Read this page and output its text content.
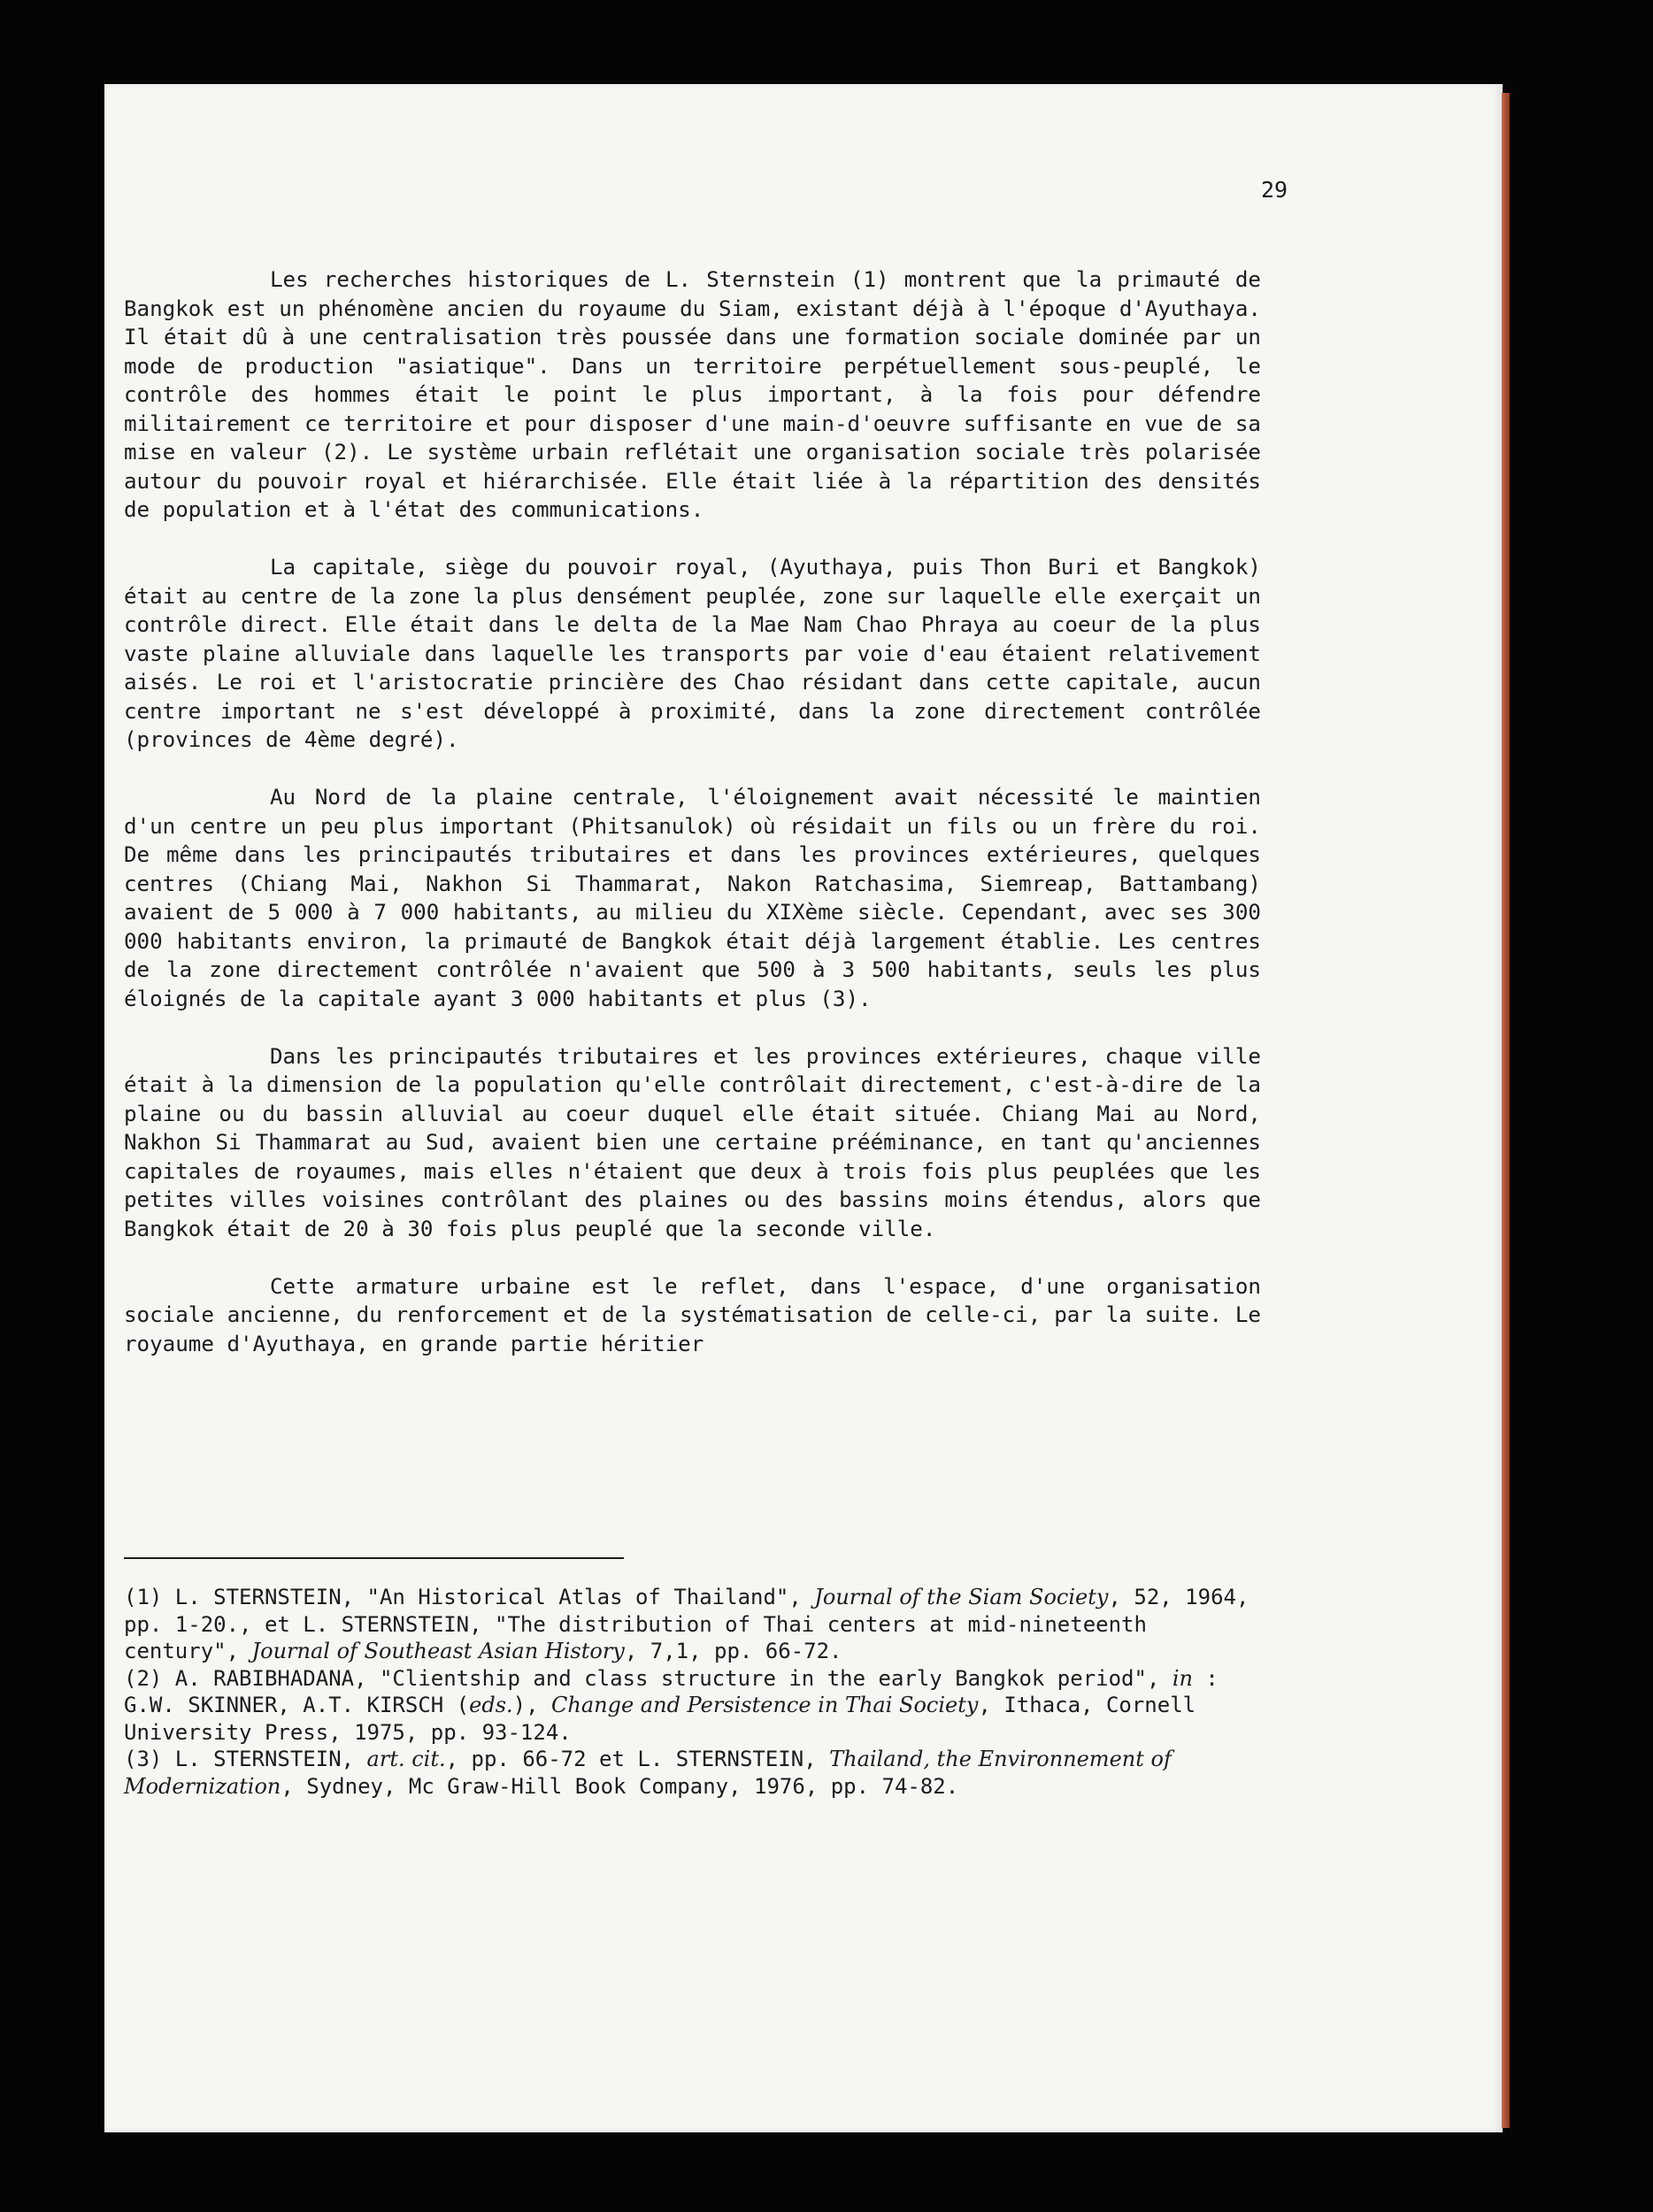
29

Les recherches historiques de L. Sternstein (1) montrent que la primauté de Bangkok est un phénomène ancien du royaume du Siam, existant déjà à l'époque d'Ayuthaya. Il était dû à une centralisation très poussée dans une formation sociale dominée par un mode de production "asiatique". Dans un territoire perpétuellement sous-peuplé, le contrôle des hommes était le point le plus important, à la fois pour défendre militairement ce territoire et pour disposer d'une main-d'oeuvre suffisante en vue de sa mise en valeur (2). Le système urbain reflétait une organisation sociale très polarisée autour du pouvoir royal et hiérarchisée. Elle était liée à la répartition des densités de population et à l'état des communications.

La capitale, siège du pouvoir royal, (Ayuthaya, puis Thon Buri et Bangkok) était au centre de la zone la plus densément peuplée, zone sur laquelle elle exerçait un contrôle direct. Elle était dans le delta de la Mae Nam Chao Phraya au coeur de la plus vaste plaine alluviale dans laquelle les transports par voie d'eau étaient relativement aisés. Le roi et l'aristocratie princière des Chao résidant dans cette capitale, aucun centre important ne s'est développé à proximité, dans la zone directement contrôlée (provinces de 4ème degré).

Au Nord de la plaine centrale, l'éloignement avait nécessité le maintien d'un centre un peu plus important (Phitsanulok) où résidait un fils ou un frère du roi. De même dans les principautés tributaires et dans les provinces extérieures, quelques centres (Chiang Mai, Nakhon Si Thammarat, Nakon Ratchasima, Siemreap, Battambang) avaient de 5 000 à 7 000 habitants, au milieu du XIXème siècle. Cependant, avec ses 300 000 habitants environ, la primauté de Bangkok était déjà largement établie. Les centres de la zone directement contrôlée n'avaient que 500 à 3 500 habitants, seuls les plus éloignés de la capitale ayant 3 000 habitants et plus (3).

Dans les principautés tributaires et les provinces extérieures, chaque ville était à la dimension de la population qu'elle contrôlait directement, c'est-à-dire de la plaine ou du bassin alluvial au coeur duquel elle était située. Chiang Mai au Nord, Nakhon Si Thammarat au Sud, avaient bien une certaine prééminance, en tant qu'anciennes capitales de royaumes, mais elles n'étaient que deux à trois fois plus peuplées que les petites villes voisines contrôlant des plaines ou des bassins moins étendus, alors que Bangkok était de 20 à 30 fois plus peuplé que la seconde ville.

Cette armature urbaine est le reflet, dans l'espace, d'une organisation sociale ancienne, du renforcement et de la systématisation de celle-ci, par la suite. Le royaume d'Ayuthaya, en grande partie héritier

(1) L. STERNSTEIN, "An Historical Atlas of Thailand", Journal of the Siam Society, 52, 1964, pp. 1-20., et L. STERNSTEIN, "The distribution of Thai centers at mid-nineteenth century", Journal of Southeast Asian History, 7,1, pp. 66-72.

(2) A. RABIBHADANA, "Clientship and class structure in the early Bangkok period", in : G.W. SKINNER, A.T. KIRSCH (eds.), Change and Persistence in Thai Society, Ithaca, Cornell University Press, 1975, pp. 93-124.

(3) L. STERNSTEIN, art. cit., pp. 66-72 et L. STERNSTEIN, Thailand, the Environnement of Modernization, Sydney, Mc Graw-Hill Book Company, 1976, pp. 74-82.
